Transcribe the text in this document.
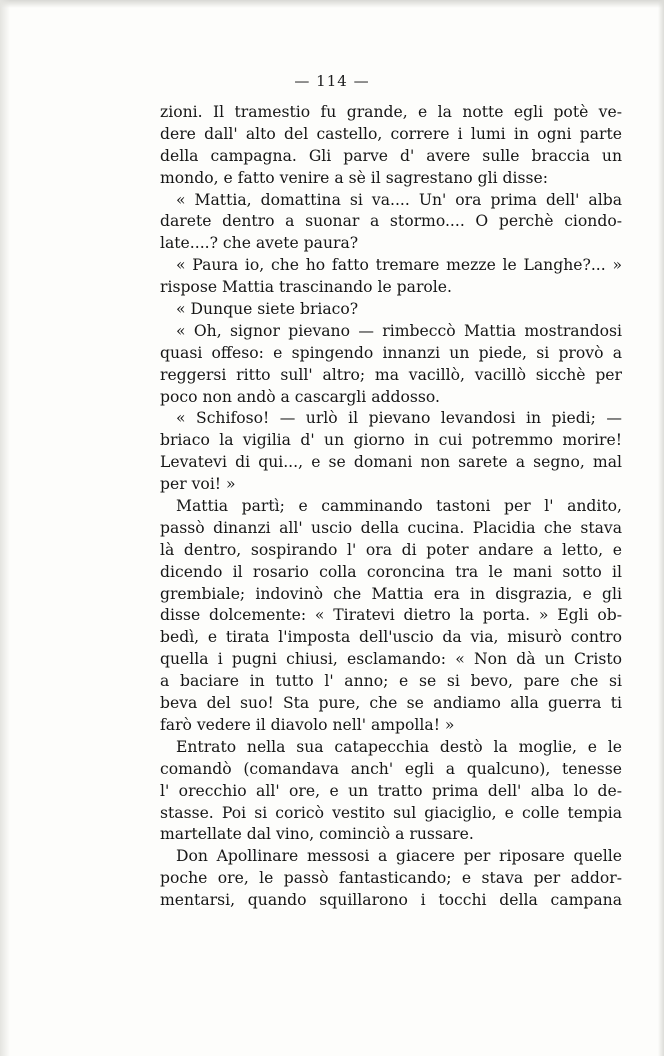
— 114 —
zioni. Il tramestio fu grande, e la notte egli potè ve-
dere dall' alto del castello, correre i lumi in ogni parte
della campagna. Gli parve d' avere sulle braccia un
mondo, e fatto venire a sè il sagrestano gli disse:
« Mattia, domattina si va.... Un' ora prima dell' alba
darete dentro a suonar a stormo.... O perchè ciondo-
late....? che avete paura?
« Paura io, che ho fatto tremare mezze le Langhe?... »
rispose Mattia trascinando le parole.
« Dunque siete briaco?
« Oh, signor pievano — rimbeccò Mattia mostrandosi
quasi offeso: e spingendo innanzi un piede, si provò a
reggersi ritto sull' altro; ma vacillò, vacillò sicchè per
poco non andò a cascargli addosso.
« Schifoso! — urlò il pievano levandosi in piedi; —
briaco la vigilia d' un giorno in cui potremmo morire!
Levatevi di qui..., e se domani non sarete a segno, mal
per voi! »
Mattia partì; e camminando tastoni per l' andito,
passò dinanzi all' uscio della cucina. Placidia che stava
là dentro, sospirando l' ora di poter andare a letto, e
dicendo il rosario colla coroncina tra le mani sotto il
grembiale; indovinò che Mattia era in disgrazia, e gli
disse dolcemente: « Tiratevi dietro la porta. » Egli ob-
bedì, e tirata l'imposta dell'uscio da via, misurò contro
quella i pugni chiusi, esclamando: « Non dà un Cristo
a baciare in tutto l' anno; e se si bevo, pare che si
beva del suo! Sta pure, che se andiamo alla guerra ti
farò vedere il diavolo nell' ampolla! »
Entrato nella sua catapecchia destò la moglie, e le
comandò (comandava anch' egli a qualcuno), tenesse
l' orecchio all' ore, e un tratto prima dell' alba lo de-
stasse. Poi si coricò vestito sul giaciglio, e colle tempia
martellate dal vino, cominciò a russare.
Don Apollinare messosi a giacere per riposare quelle
poche ore, le passò fantasticando; e stava per addor-
mentarsi, quando squillarono i tocchi della campana
